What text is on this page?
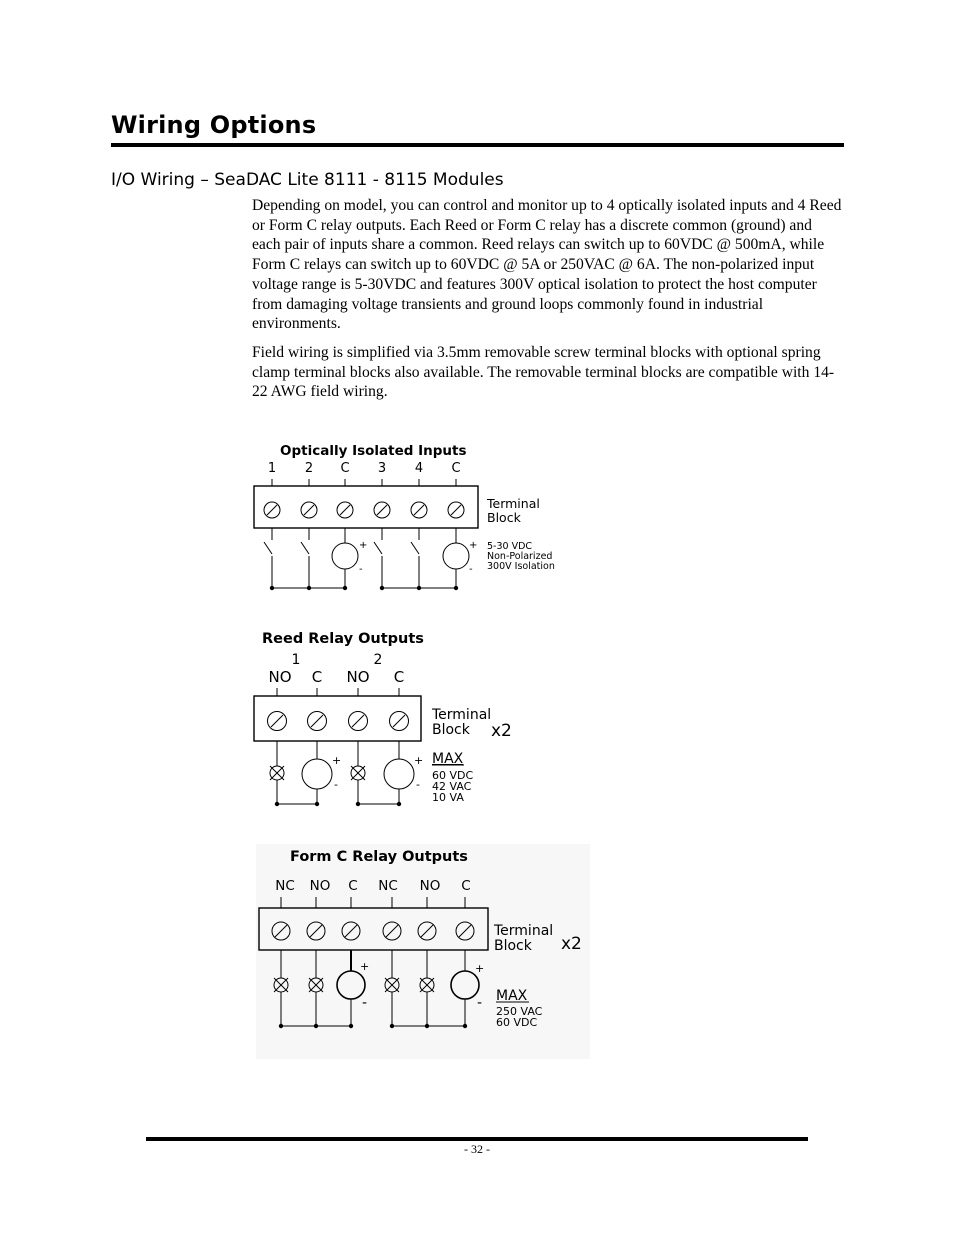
Wiring Options
I/O Wiring – SeaDAC Lite 8111 - 8115 Modules

Depending on model, you can control and monitor up to 4 optically isolated inputs and 4 Reed or Form C relay outputs. Each Reed or Form C relay has a discrete common (ground) and each pair of inputs share a common. Reed relays can switch up to 60VDC @ 500mA, while Form C relays can switch up to 60VDC @ 5A or 250VAC @ 6A. The non-polarized input voltage range is 5-30VDC and features 300V optical isolation to protect the host computer from damaging voltage transients and ground loops commonly found in industrial environments.

Field wiring is simplified via 3.5mm removable screw terminal blocks with optional spring clamp terminal blocks also available. The removable terminal blocks are compatible with 14-22 AWG field wiring.

Optically Isolated Inputs
1 2 C 3 4 C
+
-
+
-
Terminal
Block
5-30 VDC
Non-Polarized
300V Isolation
Reed Relay Outputs
1	2
NO C NO C
+
-
+
-
Terminal
Block x2
MAX
60 VDC
42 VAC
10 VA
Form C Relay Outputs
NC NO C NC NO C
+
-
+
-
Terminal
Block x2
MAX
250 VAC
60 VDC
- 32 -
